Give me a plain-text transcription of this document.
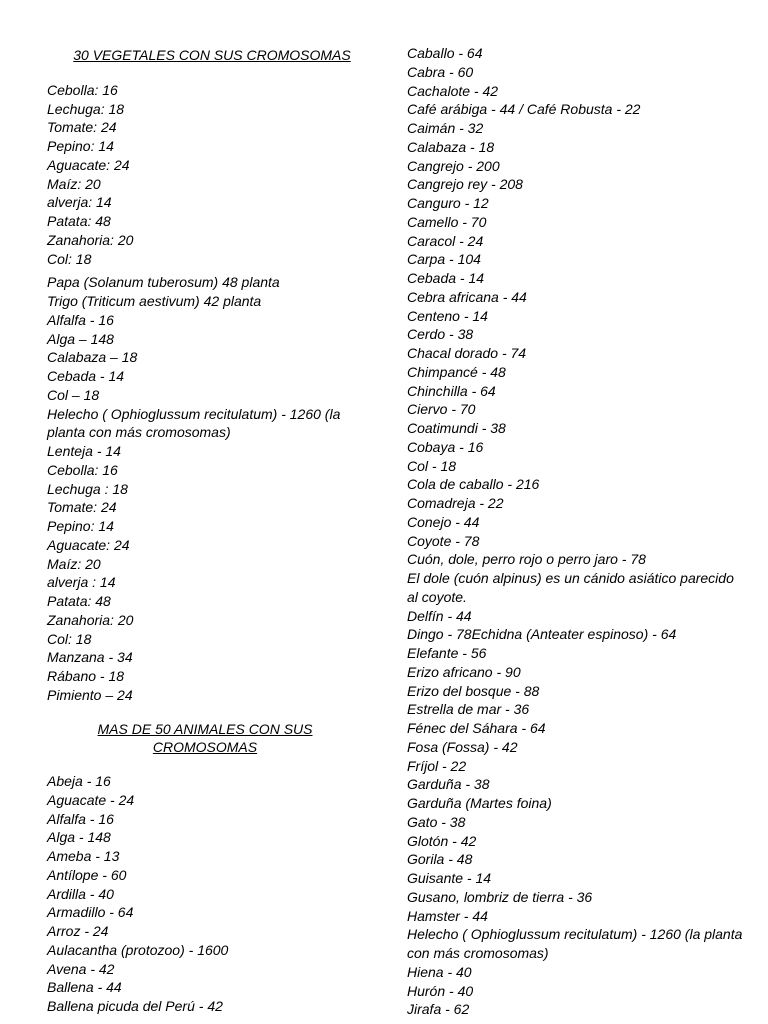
30 VEGETALES CON SUS CROMOSOMAS

Cebolla: 16
Lechuga: 18
Tomate: 24
Pepino: 14
Aguacate: 24
Maíz: 20
alverja: 14
Patata: 48
Zanahoria: 20
Col: 18
Papa (Solanum tuberosum) 48 planta
Trigo (Triticum aestivum) 42 planta
Alfalfa - 16
Alga – 148
Calabaza – 18
Cebada - 14
Col – 18
Helecho ( Ophioglussum recitulatum) - 1260 (la planta con más cromosomas)
Lenteja - 14
Cebolla: 16
Lechuga : 18
Tomate: 24
Pepino: 14
Aguacate: 24
Maíz: 20
alverja : 14
Patata: 48
Zanahoria: 20
Col: 18
Manzana - 34
Rábano - 18
Pimiento – 24

MAS DE 50 ANIMALES CON SUS CROMOSOMAS

Abeja - 16
Aguacate - 24
Alfalfa - 16
Alga - 148
Ameba - 13
Antílope - 60
Ardilla - 40
Armadillo - 64
Arroz - 24
Aulacantha (protozoo) - 1600
Avena - 42
Ballena - 44
Ballena picuda del Perú - 42
Caballo - 64
Cabra - 60
Cachalote - 42
Café arábiga - 44 / Café Robusta - 22
Caimán - 32
Calabaza - 18
Cangrejo - 200
Cangrejo rey - 208
Canguro - 12
Camello - 70
Caracol - 24
Carpa - 104
Cebada - 14
Cebra africana - 44
Centeno - 14
Cerdo - 38
Chacal dorado - 74
Chimpancé - 48
Chinchilla - 64
Ciervo - 70
Coatimundi - 38
Cobaya - 16
Col - 18
Cola de caballo - 216
Comadreja - 22
Conejo - 44
Coyote - 78
Cuón, dole, perro rojo o perro jaro - 78
El dole (cuón alpinus) es un cánido asiático parecido al coyote.
Delfín - 44
Dingo - 78Echidna (Anteater espinoso) - 64
Elefante - 56
Erizo africano - 90
Erizo del bosque - 88
Estrella de mar - 36
Fénec del Sáhara - 64
Fosa (Fossa) - 42
Fríjol - 22
Garduña - 38
Garduña (Martes foina)
Gato - 38
Glotón - 42
Gorila - 48
Guisante - 14
Gusano, lombriz de tierra - 36
Hamster - 44
Helecho ( Ophioglussum recitulatum) - 1260 (la planta con más cromosomas)
Hiena - 40
Hurón - 40
Jirafa - 62
